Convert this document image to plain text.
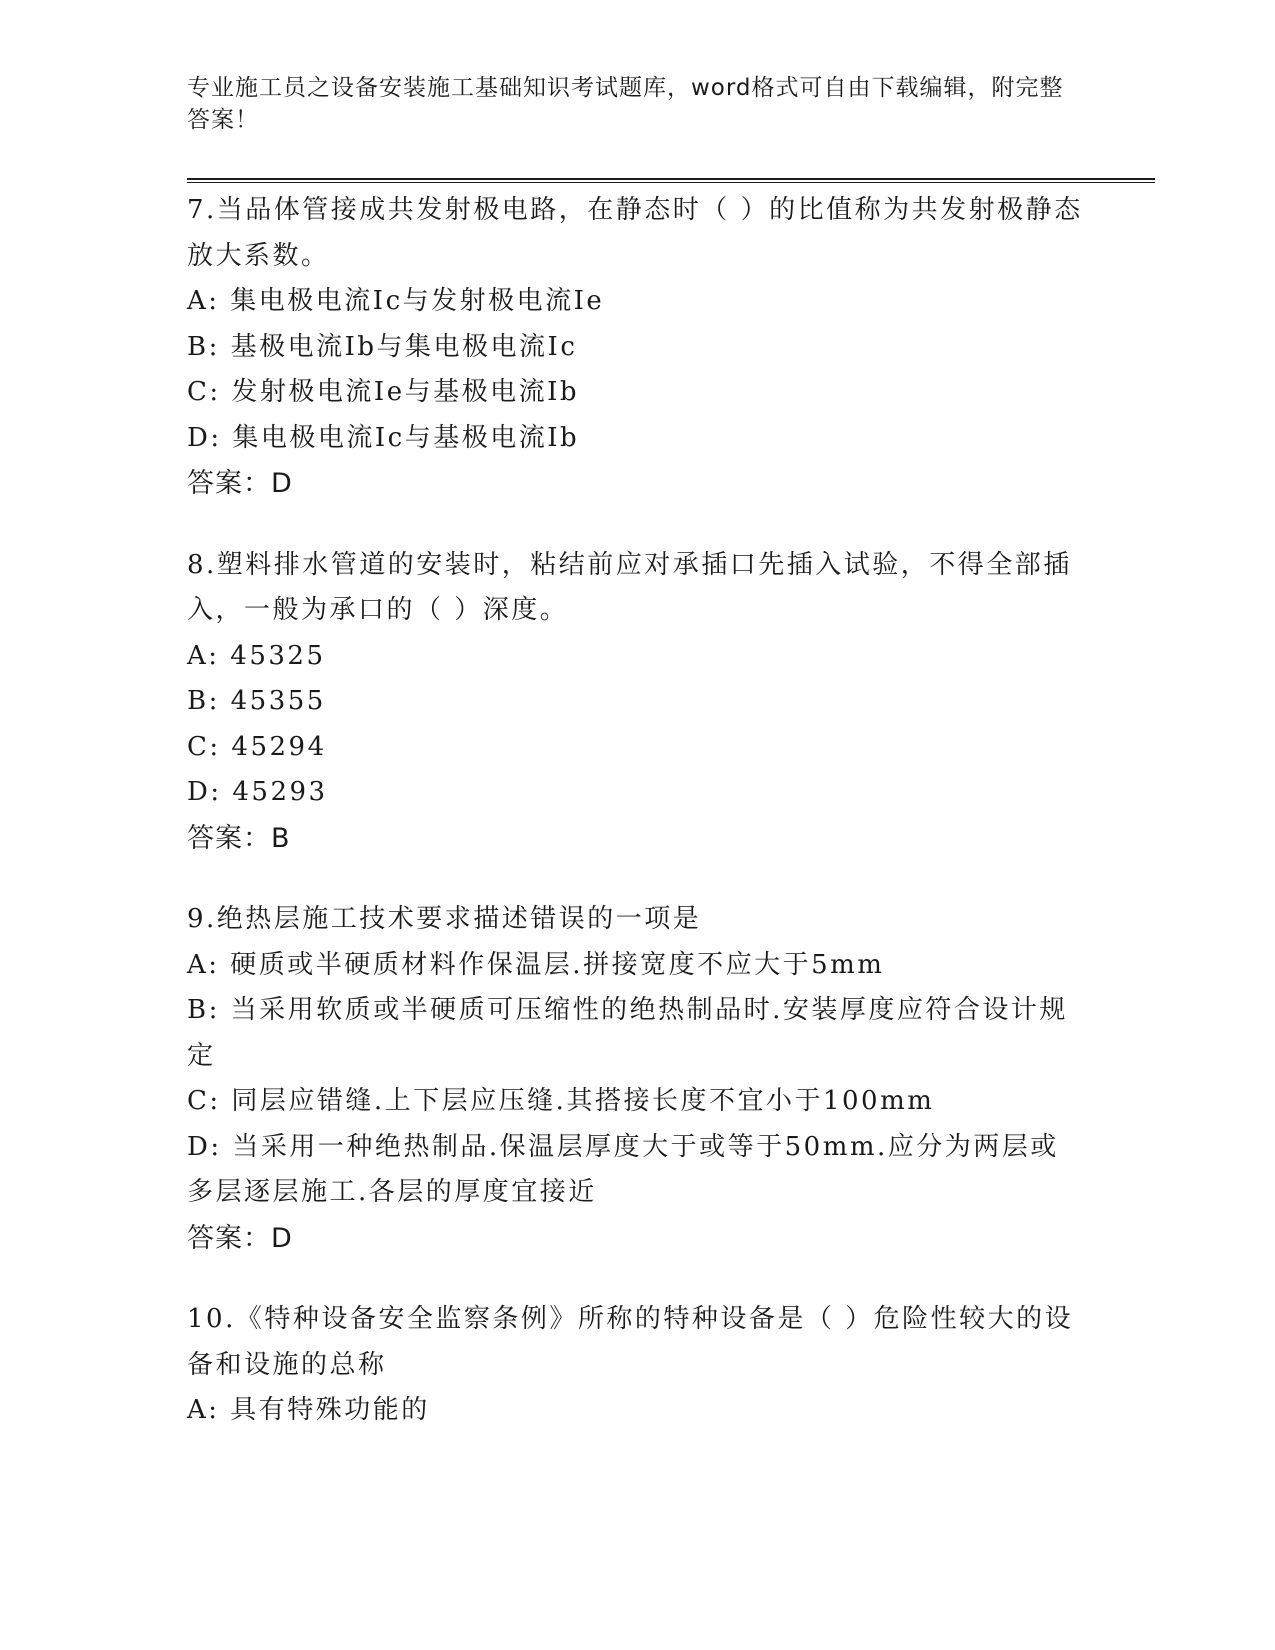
专业施工员之设备安装施工基础知识考试题库，word格式可自由下载编辑，附完整答案！

7.当品体管接成共发射极电路，在静态时（ ）的比值称为共发射极静态放大系数。

A: 集电极电流Ic与发射极电流Ie

B: 基极电流Ib与集电极电流Ic

C: 发射极电流Ie与基极电流Ib

D: 集电极电流Ic与基极电流Ib

答案：D

8.塑料排水管道的安装时，粘结前应对承插口先插入试验，不得全部插入，一般为承口的（ ）深度。

A: 45325

B: 45355

C: 45294

D: 45293

答案：B

9.绝热层施工技术要求描述错误的一项是

A: 硬质或半硬质材料作保温层.拼接宽度不应大于5mm

B: 当采用软质或半硬质可压缩性的绝热制品时.安装厚度应符合设计规定

C: 同层应错缝.上下层应压缝.其搭接长度不宜小于100mm

D: 当采用一种绝热制品.保温层厚度大于或等于50mm.应分为两层或多层逐层施工.各层的厚度宜接近

答案：D

10.《特种设备安全监察条例》所称的特种设备是（ ）危险性较大的设备和设施的总称

A: 具有特殊功能的
